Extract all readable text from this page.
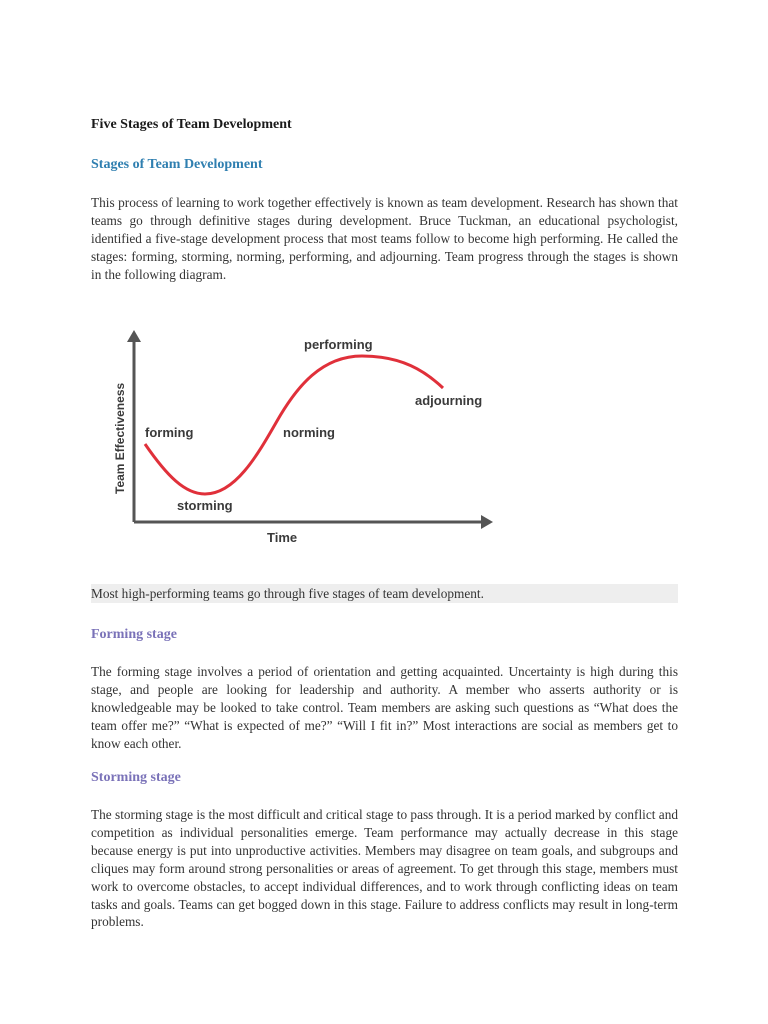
Five Stages of Team Development
Stages of Team Development

This process of learning to work together effectively is known as team development. Research has shown that teams go through definitive stages during development. Bruce Tuckman, an educational psychologist, identified a five-stage development process that most teams follow to become high performing. He called the stages: forming, storming, norming, performing, and adjourning. Team progress through the stages is shown in the following diagram.

forming
storming
norming
performing
adjourning
Time
Team Effectiveness
Most high-performing teams go through five stages of team development.
Forming stage

The forming stage involves a period of orientation and getting acquainted. Uncertainty is high during this stage, and people are looking for leadership and authority. A member who asserts authority or is knowledgeable may be looked to take control. Team members are asking such questions as “What does the team offer me?” “What is expected of me?” “Will I fit in?” Most interactions are social as members get to know each other.

Storming stage

The storming stage is the most difficult and critical stage to pass through. It is a period marked by conflict and competition as individual personalities emerge. Team performance may actually decrease in this stage because energy is put into unproductive activities. Members may disagree on team goals, and subgroups and cliques may form around strong personalities or areas of agreement. To get through this stage, members must work to overcome obstacles, to accept individual differences, and to work through conflicting ideas on team tasks and goals. Teams can get bogged down in this stage. Failure to address conflicts may result in long-term problems.
